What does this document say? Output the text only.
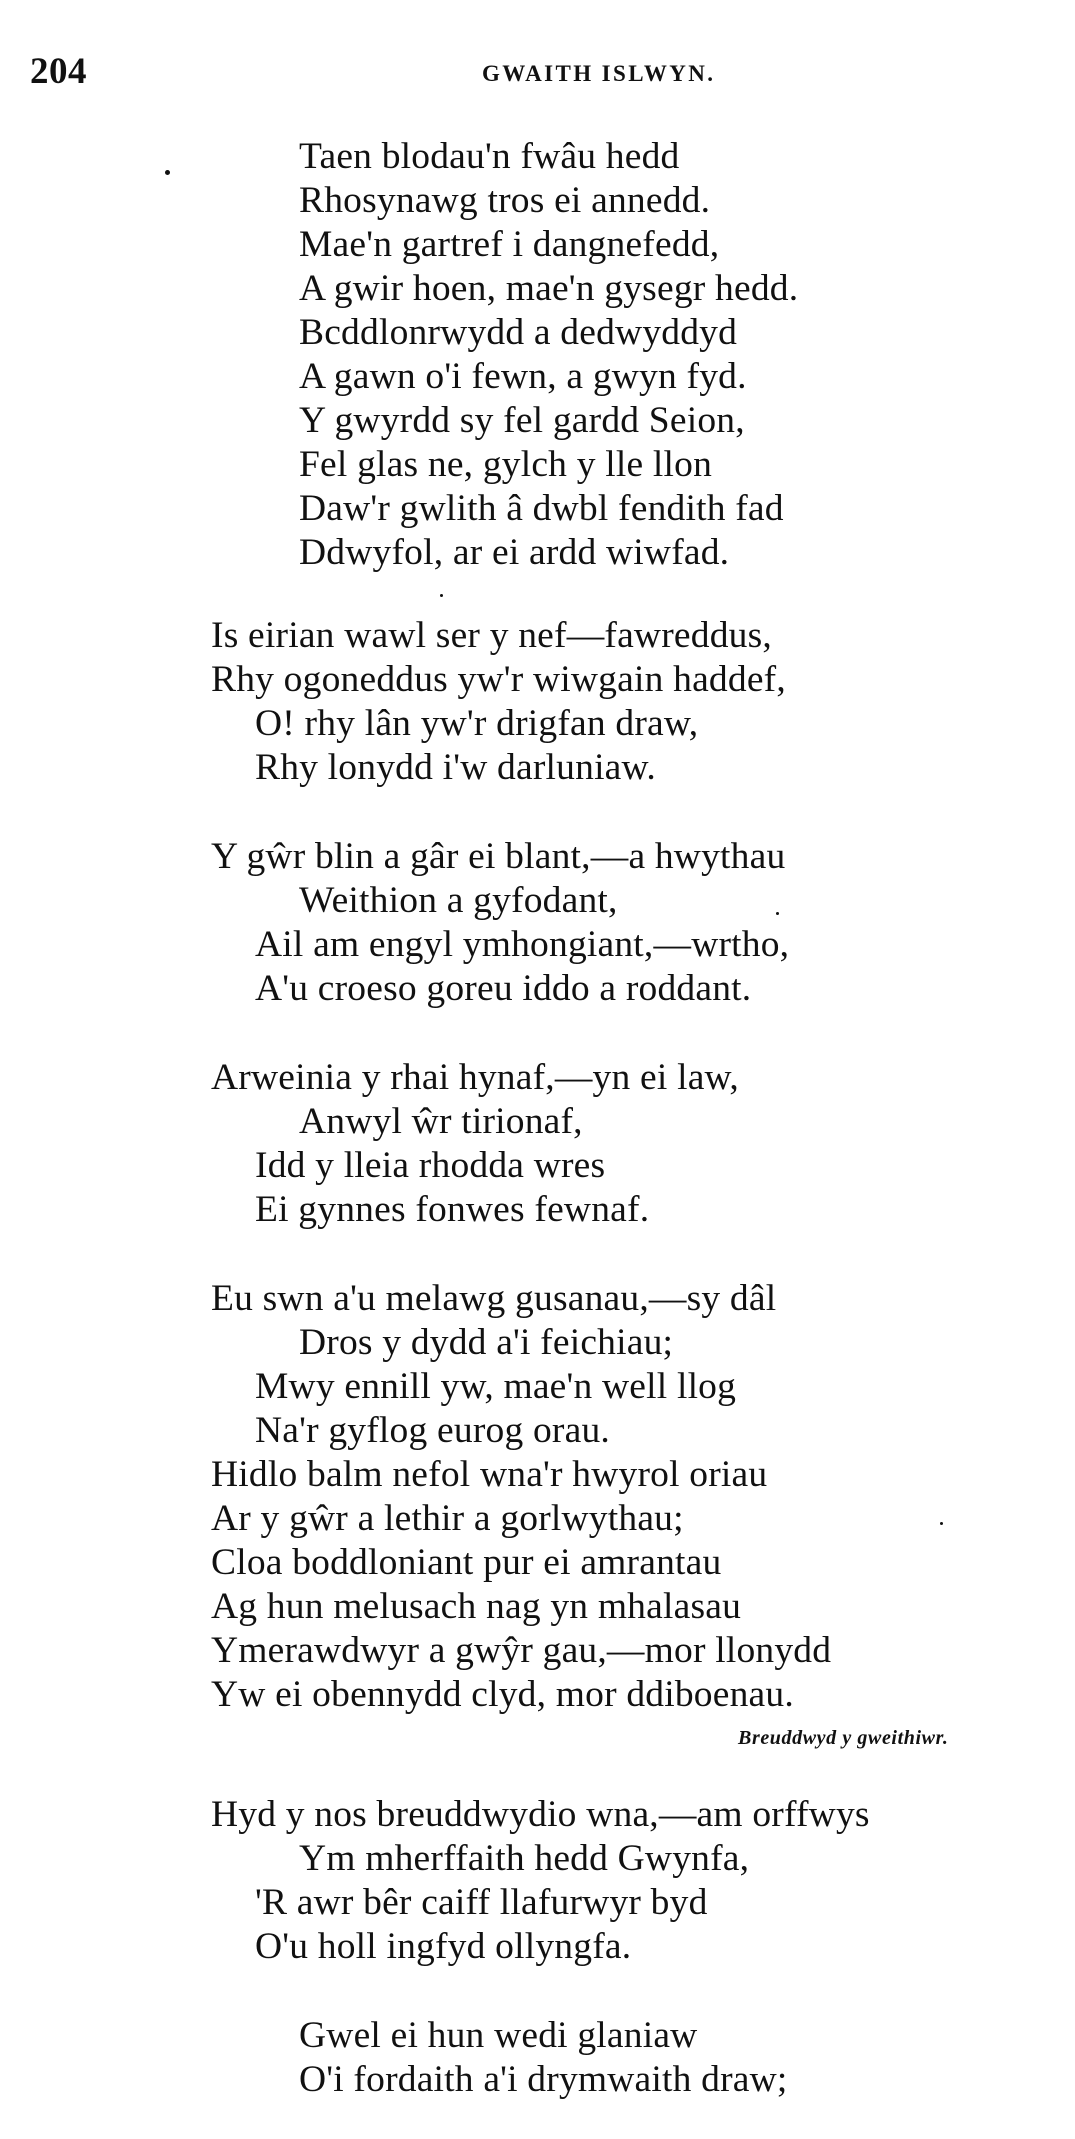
204	GWAITH ISLWYN.
Taen blodau'n fwâu hedd
Rhosynawg tros ei annedd.
Mae'n gartref i dangnefedd,
A gwir hoen, mae'n gysegr hedd.
Bcddlonrwydd a dedwyddyd
A gawn o'i fewn, a gwyn fyd.
Y gwyrdd sy fel gardd Seion,
Fel glas ne, gylch y lle llon
Daw'r gwlith â dwbl fendith fad
Ddwyfol, ar ei ardd wiwfad.
Is eirian wawl ser y nef—fawreddus,
Rhy ogoneddus yw'r wiwgain haddef,
O! rhy lân yw'r drigfan draw,
Rhy lonydd i'w darluniaw.
Y gŵr blin a gâr ei blant,—a hwythau
Weithion a gyfodant,
Ail am engyl ymhongiant,—wrtho,
A'u croeso goreu iddo a roddant.
Arweinia y rhai hynaf,—yn ei law,
Anwyl ŵr tirionaf,
Idd y lleia rhodda wres
Ei gynnes fonwes fewnaf.
Eu swn a'u melawg gusanau,—sy dâl
Dros y dydd a'i feichiau;
Mwy ennill yw, mae'n well llog
Na'r gyflog eurog orau.
Hidlo balm nefol wna'r hwyrol oriau
Ar y gŵr a lethir a gorlwythau;
Cloa boddloniant pur ei amrantau
Ag hun melusach nag yn mhalasau
Ymerawdwyr a gwŷr gau,—mor llonydd
Yw ei obennydd clyd, mor ddiboenau.
Breuddwyd y gweithiwr.
Hyd y nos breuddwydio wna,—am orffwys
Ym mherffaith hedd Gwynfa,
'R awr bêr caiff llafurwyr byd
O'u holl ingfyd ollyngfa.
Gwel ei hun wedi glaniaw
O'i fordaith a'i drymwaith draw;
